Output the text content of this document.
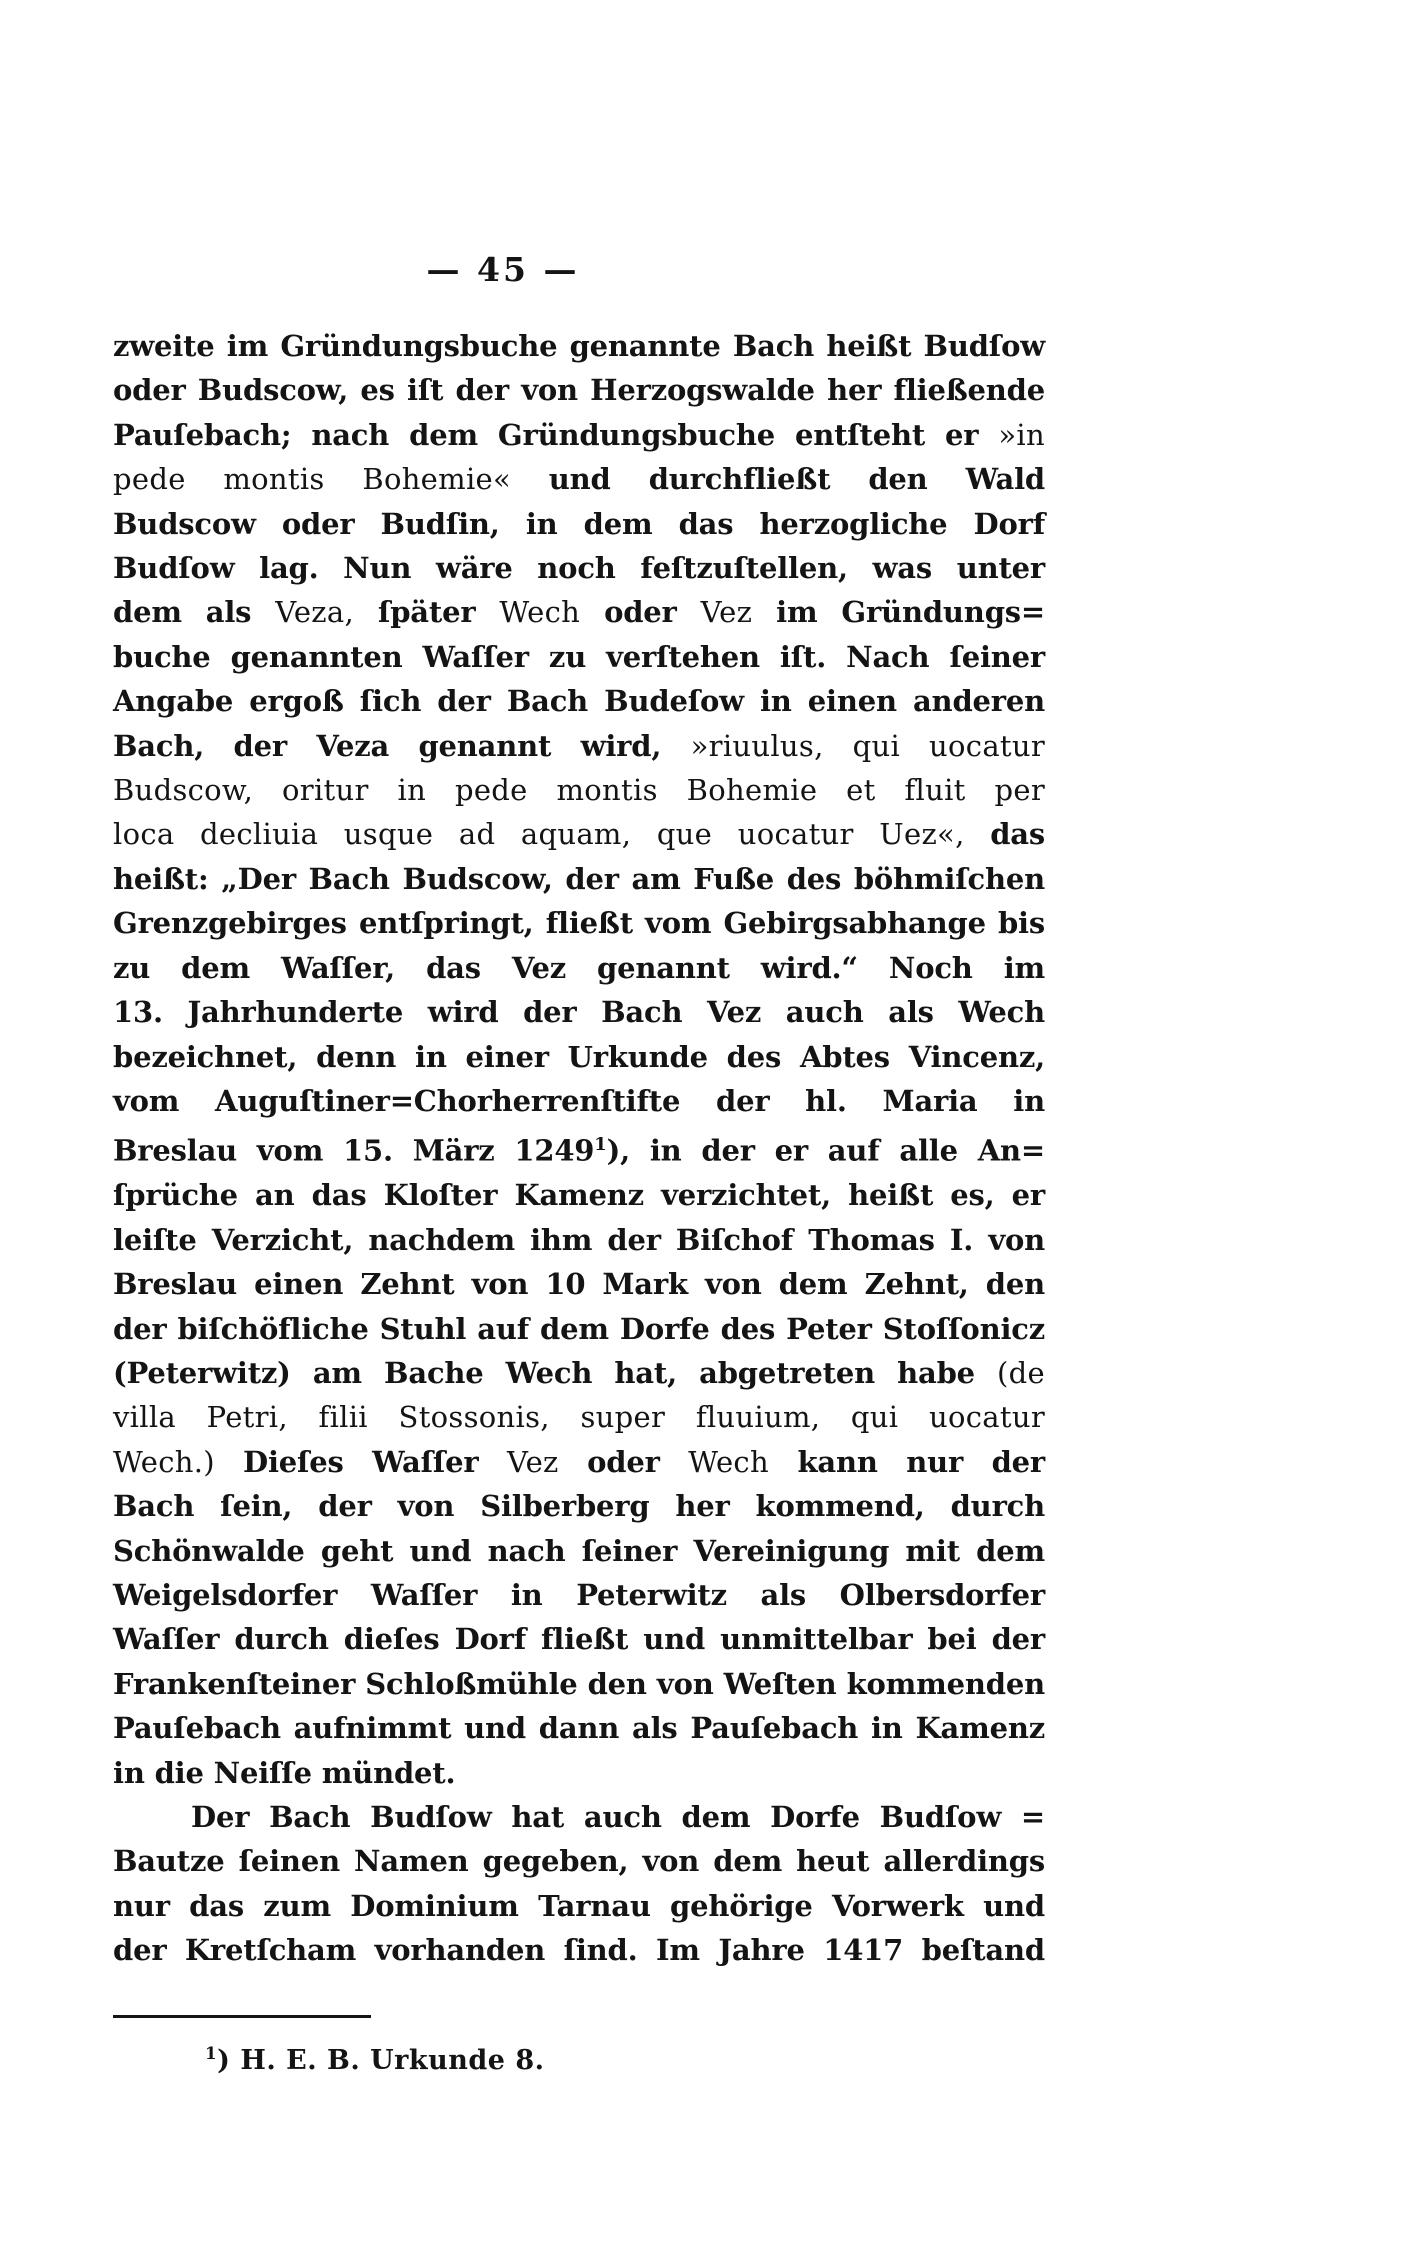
— 45 —
zweite im Gründungsbuche genannte Bach heißt Budſow
oder Budscow, es iſt der von Herzogswalde her fließende
Pauſebach; nach dem Gründungsbuche entſteht er »in
pede montis Bohemie« und durchfließt den Wald
Budscow oder Budſin, in dem das herzogliche Dorf
Budſow lag. Nun wäre noch feſtzuſtellen, was unter
dem als Veza, ſpäter Wech oder Vez im Gründungs=
buche genannten Waſſer zu verſtehen iſt. Nach ſeiner
Angabe ergoß ſich der Bach Budeſow in einen anderen
Bach, der Veza genannt wird, »riuulus, qui uocatur
Budscow, oritur in pede montis Bohemie et fluit per
loca decliuia usque ad aquam, que uocatur Uez«, das
heißt: „Der Bach Budscow, der am Fuße des böhmiſchen
Grenzgebirges entſpringt, fließt vom Gebirgsabhange bis
zu dem Waſſer, das Vez genannt wird.“ Noch im
13. Jahrhunderte wird der Bach Vez auch als Wech
bezeichnet, denn in einer Urkunde des Abtes Vincenz,
vom Auguſtiner=Chorherrenſtifte der hl. Maria in
Breslau vom 15. März 1249$^1$), in der er auf alle An=
ſprüche an das Kloſter Kamenz verzichtet, heißt es, er
leiſte Verzicht, nachdem ihm der Biſchof Thomas I. von
Breslau einen Zehnt von 10 Mark von dem Zehnt, den
der biſchöfliche Stuhl auf dem Dorfe des Peter Stoſſonicz
(Peterwitz) am Bache Wech hat, abgetreten habe (de
villa Petri, filii Stossonis, super fluuium, qui uocatur
Wech.) Dieſes Waſſer Vez oder Wech kann nur der
Bach ſein, der von Silberberg her kommend, durch
Schönwalde geht und nach ſeiner Vereinigung mit dem
Weigelsdorfer Waſſer in Peterwitz als Olbersdorfer
Waſſer durch dieſes Dorf fließt und unmittelbar bei der
Frankenſteiner Schloßmühle den von Weſten kommenden
Pauſebach aufnimmt und dann als Pauſebach in Kamenz
in die Neiſſe mündet.
Der Bach Budſow hat auch dem Dorfe Budſow =
Bautze ſeinen Namen gegeben, von dem heut allerdings
nur das zum Dominium Tarnau gehörige Vorwerk und
der Kretſcham vorhanden ſind. Im Jahre 1417 beſtand
$^1$) H. E. B. Urkunde 8.
